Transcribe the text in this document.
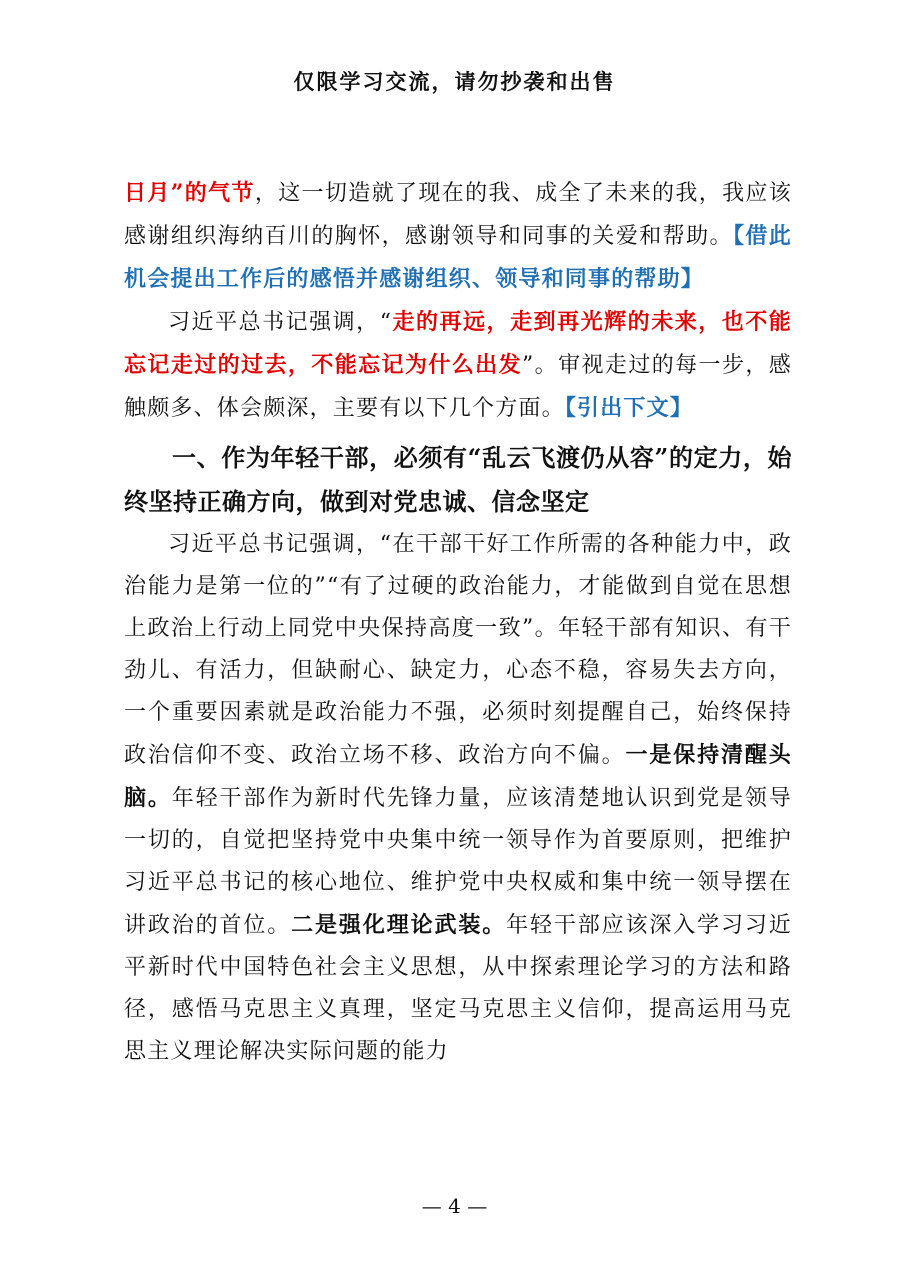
仅限学习交流，请勿抄袭和出售

日月”的气节，这一切造就了现在的我、成全了未来的我，我应该感谢组织海纳百川的胸怀，感谢领导和同事的关爱和帮助。【借此机会提出工作后的感悟并感谢组织、领导和同事的帮助】

习近平总书记强调，“走的再远，走到再光辉的未来，也不能忘记走过的过去，不能忘记为什么出发”。审视走过的每一步，感触颇多、体会颇深，主要有以下几个方面。【引出下文】

一、作为年轻干部，必须有“乱云飞渡仍从容”的定力，始终坚持正确方向，做到对党忠诚、信念坚定

习近平总书记强调，“在干部干好工作所需的各种能力中，政治能力是第一位的”“有了过硬的政治能力，才能做到自觉在思想上政治上行动上同党中央保持高度一致”。年轻干部有知识、有干劲儿、有活力，但缺耐心、缺定力，心态不稳，容易失去方向，一个重要因素就是政治能力不强，必须时刻提醒自己，始终保持政治信仰不变、政治立场不移、政治方向不偏。一是保持清醒头脑。年轻干部作为新时代先锋力量，应该清楚地认识到党是领导一切的，自觉把坚持党中央集中统一领导作为首要原则，把维护习近平总书记的核心地位、维护党中央权威和集中统一领导摆在讲政治的首位。二是强化理论武装。年轻干部应该深入学习习近平新时代中国特色社会主义思想，从中探索理论学习的方法和路径，感悟马克思主义真理，坚定马克思主义信仰，提高运用马克思主义理论解决实际问题的能力

— 4 —
